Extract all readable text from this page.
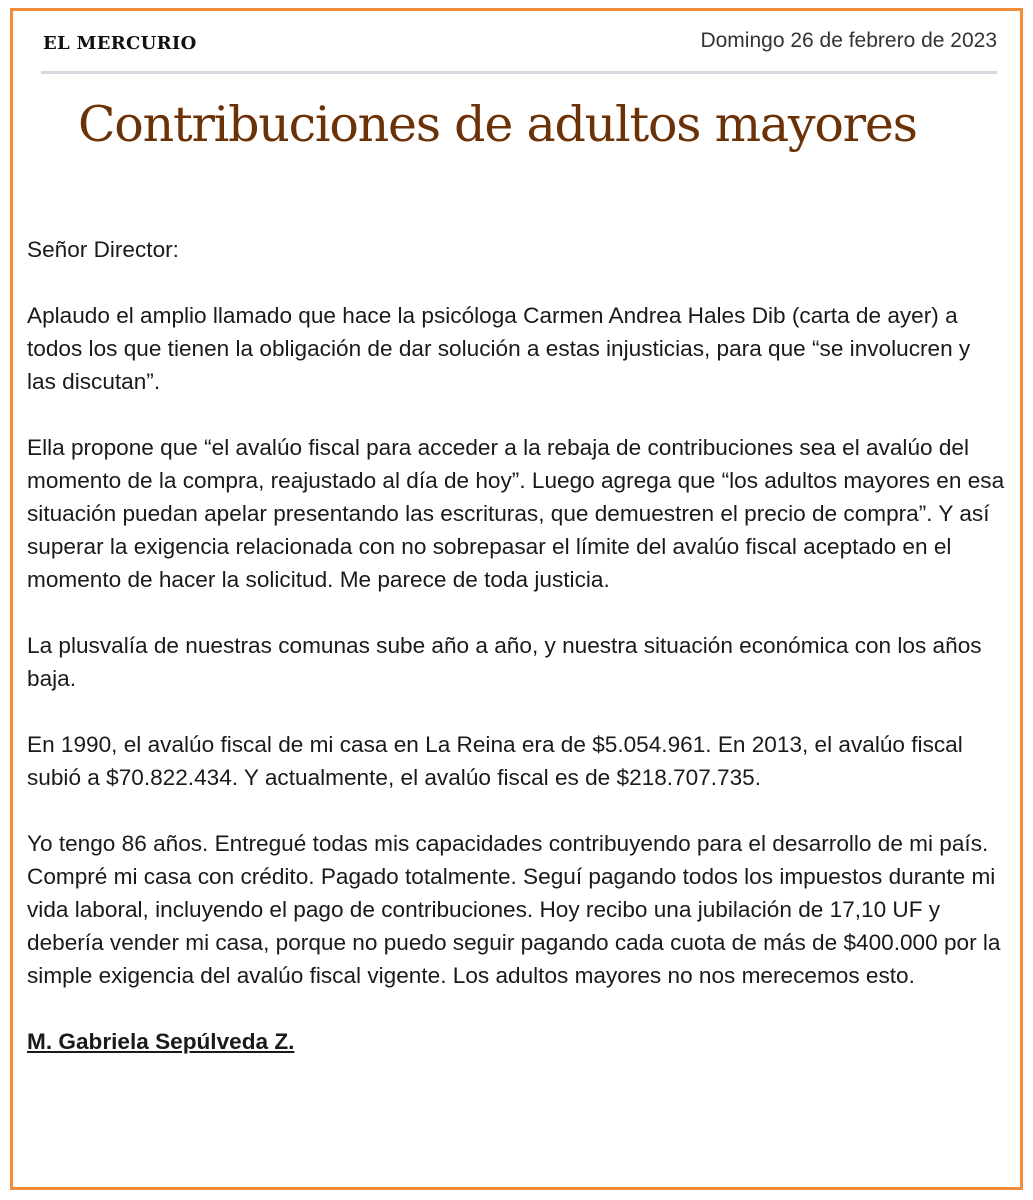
EL MERCURIO	Domingo 26 de febrero de 2023
Contribuciones de adultos mayores

Señor Director:

Aplaudo el amplio llamado que hace la psicóloga Carmen Andrea Hales Dib (carta de ayer) a todos los que tienen la obligación de dar solución a estas injusticias, para que “se involucren y las discutan”.

Ella propone que “el avalúo fiscal para acceder a la rebaja de contribuciones sea el avalúo del momento de la compra, reajustado al día de hoy”. Luego agrega que “los adultos mayores en esa situación puedan apelar presentando las escrituras, que demuestren el precio de compra”. Y así superar la exigencia relacionada con no sobrepasar el límite del avalúo fiscal aceptado en el momento de hacer la solicitud. Me parece de toda justicia.

La plusvalía de nuestras comunas sube año a año, y nuestra situación económica con los años baja.

En 1990, el avalúo fiscal de mi casa en La Reina era de $5.054.961. En 2013, el avalúo fiscal subió a $70.822.434. Y actualmente, el avalúo fiscal es de $218.707.735.

Yo tengo 86 años. Entregué todas mis capacidades contribuyendo para el desarrollo de mi país. Compré mi casa con crédito. Pagado totalmente. Seguí pagando todos los impuestos durante mi vida laboral, incluyendo el pago de contribuciones. Hoy recibo una jubilación de 17,10 UF y debería vender mi casa, porque no puedo seguir pagando cada cuota de más de $400.000 por la simple exigencia del avalúo fiscal vigente. Los adultos mayores no nos merecemos esto.

M. Gabriela Sepúlveda Z.
